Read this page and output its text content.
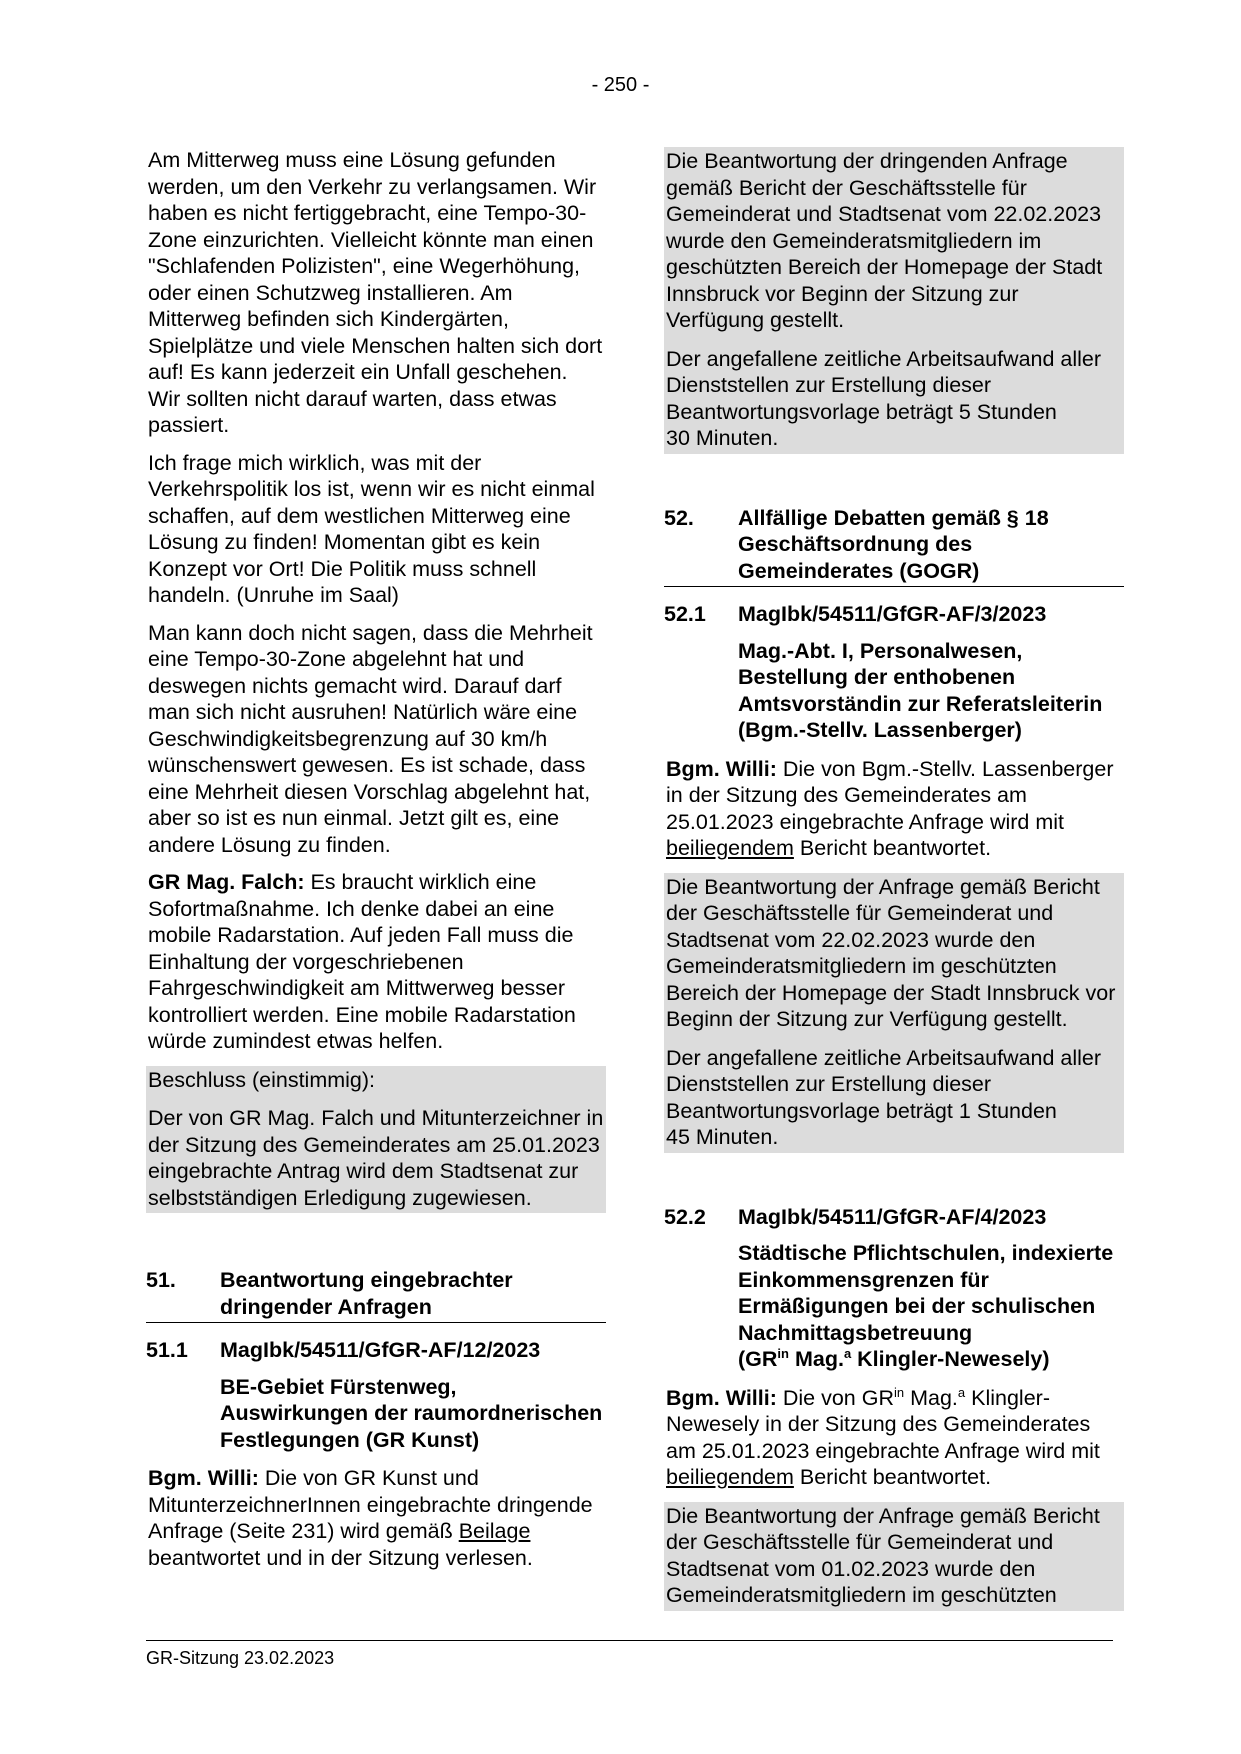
- 250 -

Am Mitterweg muss eine Lösung gefunden werden, um den Verkehr zu verlangsamen. Wir haben es nicht fertiggebracht, eine Tempo-30-Zone einzurichten. Vielleicht könnte man einen "Schlafenden Polizisten", eine Wegerhöhung, oder einen Schutzweg installieren. Am Mitterweg befinden sich Kindergärten, Spielplätze und viele Menschen halten sich dort auf! Es kann jederzeit ein Unfall geschehen. Wir sollten nicht darauf warten, dass etwas passiert.

Ich frage mich wirklich, was mit der Verkehrspolitik los ist, wenn wir es nicht einmal schaffen, auf dem westlichen Mitterweg eine Lösung zu finden! Momentan gibt es kein Konzept vor Ort! Die Politik muss schnell handeln. (Unruhe im Saal)

Man kann doch nicht sagen, dass die Mehrheit eine Tempo-30-Zone abgelehnt hat und deswegen nichts gemacht wird. Darauf darf man sich nicht ausruhen! Natürlich wäre eine Geschwindigkeitsbegrenzung auf 30 km/h wünschenswert gewesen. Es ist schade, dass eine Mehrheit diesen Vorschlag abgelehnt hat, aber so ist es nun einmal. Jetzt gilt es, eine andere Lösung zu finden.

GR Mag. Falch: Es braucht wirklich eine Sofortmaßnahme. Ich denke dabei an eine mobile Radarstation. Auf jeden Fall muss die Einhaltung der vorgeschriebenen Fahrgeschwindigkeit am Mittwerweg besser kontrolliert werden. Eine mobile Radarstation würde zumindest etwas helfen.

Beschluss (einstimmig):

Der von GR Mag. Falch und Mitunterzeichner in der Sitzung des Gemeinderates am 25.01.2023 eingebrachte Antrag wird dem Stadtsenat zur selbstständigen Erledigung zugewiesen.

51.	Beantwortung eingebrachter dringender Anfragen
51.1	MagIbk/54511/GfGR-AF/12/2023
BE-Gebiet Fürstenweg, Auswirkungen der raumordnerischen Festlegungen (GR Kunst)

Bgm. Willi: Die von GR Kunst und MitunterzeichnerInnen eingebrachte dringende Anfrage (Seite 231) wird gemäß Beilage beantwortet und in der Sitzung verlesen.

Die Beantwortung der dringenden Anfrage gemäß Bericht der Geschäftsstelle für Gemeinderat und Stadtsenat vom 22.02.2023 wurde den Gemeinderatsmitgliedern im geschützten Bereich der Homepage der Stadt Innsbruck vor Beginn der Sitzung zur Verfügung gestellt.

Der angefallene zeitliche Arbeitsaufwand aller Dienststellen zur Erstellung dieser Beantwortungsvorlage beträgt 5 Stunden
30 Minuten.

52.	Allfällige Debatten gemäß § 18 Geschäftsordnung des Gemeinderates (GOGR)
52.1	MagIbk/54511/GfGR-AF/3/2023
Mag.-Abt. I, Personalwesen, Bestellung der enthobenen Amtsvorständin zur Referatsleiterin (Bgm.-Stellv. Lassenberger)

Bgm. Willi: Die von Bgm.-Stellv. Lassenberger in der Sitzung des Gemeinderates am 25.01.2023 eingebrachte Anfrage wird mit beiliegendem Bericht beantwortet.

Die Beantwortung der Anfrage gemäß Bericht der Geschäftsstelle für Gemeinderat und Stadtsenat vom 22.02.2023 wurde den Gemeinderatsmitgliedern im geschützten Bereich der Homepage der Stadt Innsbruck vor Beginn der Sitzung zur Verfügung gestellt.

Der angefallene zeitliche Arbeitsaufwand aller Dienststellen zur Erstellung dieser Beantwortungsvorlage beträgt 1 Stunden
45 Minuten.

52.2	MagIbk/54511/GfGR-AF/4/2023
Städtische Pflichtschulen, indexierte Einkommensgrenzen für Ermäßigungen bei der schulischen Nachmittagsbetreuung
($GR^{in}$ Mag.$^a$ Klingler-Newesely)

Bgm. Willi: Die von $GR^{in}$ Mag.$^a$ Klingler-Newesely in der Sitzung des Gemeinderates am 25.01.2023 eingebrachte Anfrage wird mit beiliegendem Bericht beantwortet.

Die Beantwortung der Anfrage gemäß Bericht der Geschäftsstelle für Gemeinderat und Stadtsenat vom 01.02.2023 wurde den Gemeinderatsmitgliedern im geschützten

GR-Sitzung 23.02.2023
